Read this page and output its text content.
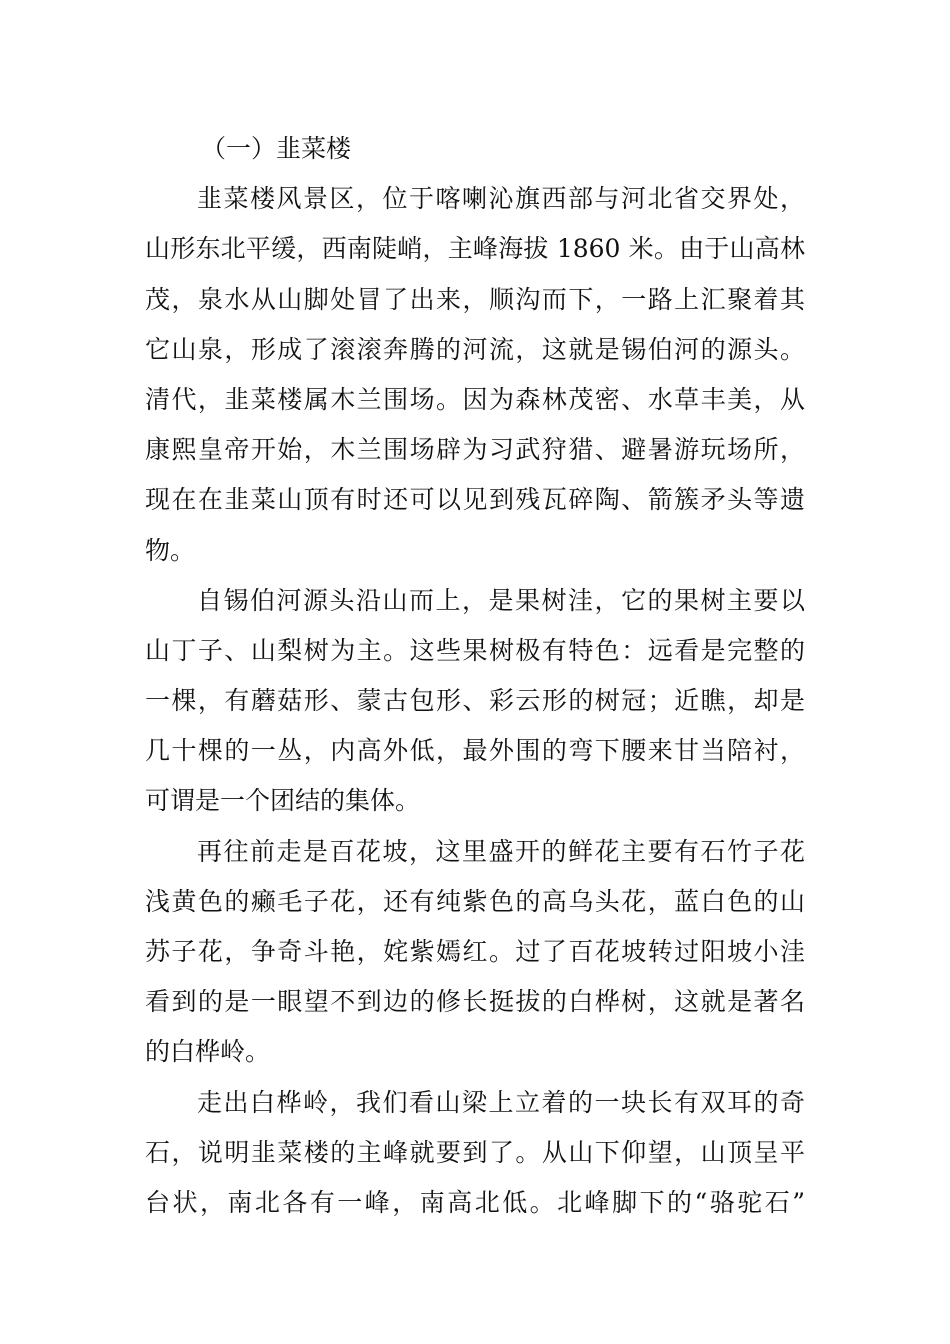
（一）韭菜楼
韭菜楼风景区，位于喀喇沁旗西部与河北省交界处，
山形东北平缓，西南陡峭，主峰海拔 1860 米。由于山高林
茂，泉水从山脚处冒了出来，顺沟而下，一路上汇聚着其
它山泉，形成了滚滚奔腾的河流，这就是锡伯河的源头。
清代，韭菜楼属木兰围场。因为森林茂密、水草丰美，从
康熙皇帝开始，木兰围场辟为习武狩猎、避暑游玩场所，
现在在韭菜山顶有时还可以见到残瓦碎陶、箭簇矛头等遗
物。
自锡伯河源头沿山而上，是果树洼，它的果树主要以
山丁子、山梨树为主。这些果树极有特色：远看是完整的
一棵，有蘑菇形、蒙古包形、彩云形的树冠；近瞧，却是
几十棵的一丛，内高外低，最外围的弯下腰来甘当陪衬，
可谓是一个团结的集体。
再往前走是百花坡，这里盛开的鲜花主要有石竹子花
浅黄色的癞毛子花，还有纯紫色的高乌头花，蓝白色的山
苏子花，争奇斗艳，姹紫嫣红。过了百花坡转过阳坡小洼
看到的是一眼望不到边的修长挺拔的白桦树，这就是著名
的白桦岭。
走出白桦岭，我们看山梁上立着的一块长有双耳的奇
石，说明韭菜楼的主峰就要到了。从山下仰望，山顶呈平
台状，南北各有一峰，南高北低。北峰脚下的“骆驼石”
